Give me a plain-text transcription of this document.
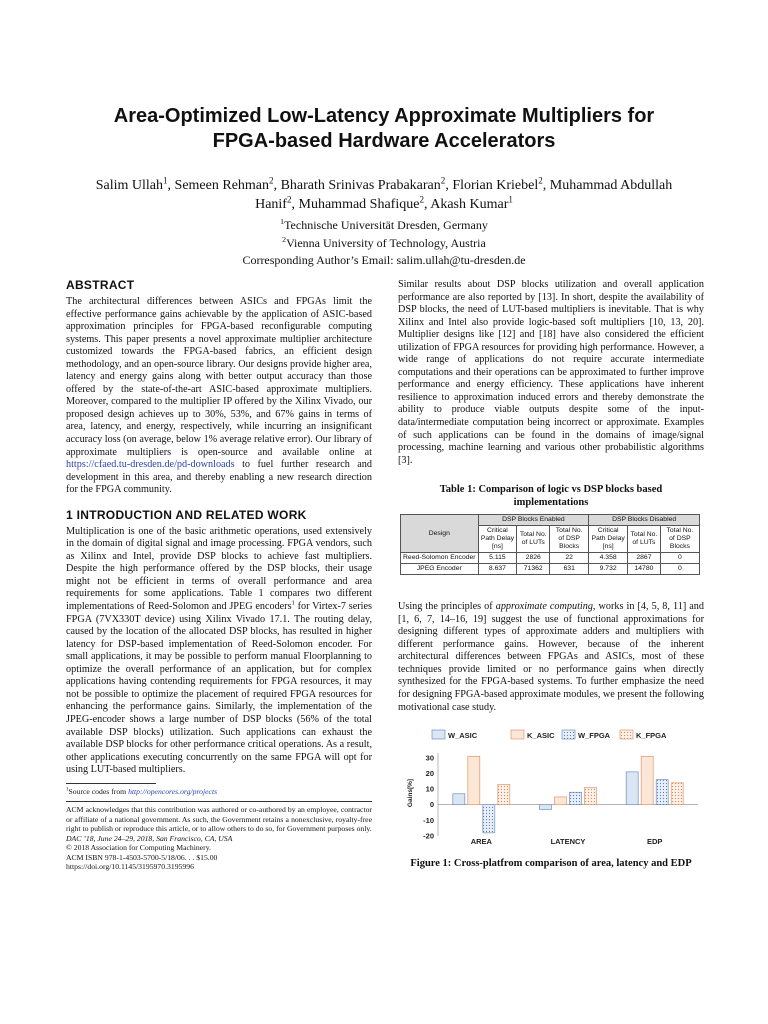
Area-Optimized Low-Latency Approximate Multipliers for
FPGA-based Hardware Accelerators
Salim Ullah$^1$, Semeen Rehman$^2$, Bharath Srinivas Prabakaran$^2$, Florian Kriebel$^2$, Muhammad Abdullah Hanif$^2$, Muhammad Shafique$^2$, Akash Kumar$^1$
$^1$Technische Universität Dresden, Germany
$^2$Vienna University of Technology, Austria
Corresponding Author’s Email: salim.ullah@tu-dresden.de
ABSTRACT

The architectural differences between ASICs and FPGAs limit the effective performance gains achievable by the application of ASIC-based approximation principles for FPGA-based reconfigurable computing systems. This paper presents a novel approximate multiplier architecture customized towards the FPGA-based fabrics, an efficient design methodology, and an open-source library. Our designs provide higher area, latency and energy gains along with better output accuracy than those offered by the state-of-the-art ASIC-based approximate multipliers. Moreover, compared to the multiplier IP offered by the Xilinx Vivado, our proposed design achieves up to 30%, 53%, and 67% gains in terms of area, latency, and energy, respectively, while incurring an insignificant accuracy loss (on average, below 1% average relative error). Our library of approximate multipliers is open-source and available online at https://cfaed.tu-dresden.de/pd-downloads to fuel further research and development in this area, and thereby enabling a new research direction for the FPGA community.

1 INTRODUCTION AND RELATED WORK

Multiplication is one of the basic arithmetic operations, used extensively in the domain of digital signal and image processing. FPGA vendors, such as Xilinx and Intel, provide DSP blocks to achieve fast multipliers. Despite the high performance offered by the DSP blocks, their usage might not be efficient in terms of overall performance and area requirements for some applications. Table 1 compares two different implementations of Reed-Solomon and JPEG encoders$^1$ for Virtex-7 series FPGA (7VX330T device) using Xilinx Vivado 17.1. The routing delay, caused by the location of the allocated DSP blocks, has resulted in higher latency for DSP-based implementation of Reed-Solomon encoder. For small applications, it may be possible to perform manual Floorplanning to optimize the overall performance of an application, but for complex applications having contending requirements for FPGA resources, it may not be possible to optimize the placement of required FPGA resources for enhancing the performance gains. Similarly, the implementation of the JPEG-encoder shows a large number of DSP blocks (56% of the total available DSP blocks) utilization. Such applications can exhaust the available DSP blocks for other performance critical operations. As a result, other applications executing concurrently on the same FPGA will opt for using LUT-based multipliers.

$^1$Source codes from http://opencores.org/projects
ACM acknowledges that this contribution was authored or co-authored by an employee, contractor or affiliate of a national government. As such, the Government retains a nonexclusive, royalty-free right to publish or reproduce this article, or to allow others to do so, for Government purposes only.
DAC ’18, June 24–29, 2018, San Francisco, CA, USA
© 2018 Association for Computing Machinery.
ACM ISBN 978-1-4503-5700-5/18/06. . . $15.00
https://doi.org/10.1145/3195970.3195996

Similar results about DSP blocks utilization and overall application performance are also reported by [13]. In short, despite the availability of DSP blocks, the need of LUT-based multipliers is inevitable. That is why Xilinx and Intel also provide logic-based soft multipliers [10, 13, 20]. Multiplier designs like [12] and [18] have also considered the efficient utilization of FPGA resources for providing high performance. However, a wide range of applications do not require accurate intermediate computations and their operations can be approximated to further improve performance and energy efficiency. These applications have inherent resilience to approximation induced errors and thereby demonstrate the ability to produce viable outputs despite some of the input-data/intermediate computation being incorrect or approximate. Examples of such applications can be found in the domains of image/signal processing, machine learning and various other probabilistic algorithms [3].

Table 1: Comparison of logic vs DSP blocks based implementations
Design	DSP Blocks Enabled			DSP Blocks Disabled		
	Critical Path Delay [ns]	Total No. of LUTs	Total No. of DSP Blocks	Critical Path Delay [ns]	Total No. of LUTs	Total No. of DSP Blocks
Reed-Solomon Encoder	5.115	2826	22	4.358	2867	0
JPEG Encoder	8.637	71362	631	9.732	14780	0

Using the principles of approximate computing, works in [4, 5, 8, 11] and [1, 6, 7, 14–16, 19] suggest the use of functional approximations for designing different types of approximate adders and multipliers with different performance gains. However, because of the inherent architectural differences between FPGAs and ASICs, most of these techniques provide limited or no performance gains when directly synthesized for the FPGA-based systems. To further emphasize the need for designing FPGA-based approximate modules, we present the following motivational case study.

W_ASIC	K_ASIC	W_FPGA	K_FPGA
30
20
10
0
-10
-20
Gains[%]
AREA	LATENCY	EDP
Figure 1: Cross-platfrom comparison of area, latency and EDP
